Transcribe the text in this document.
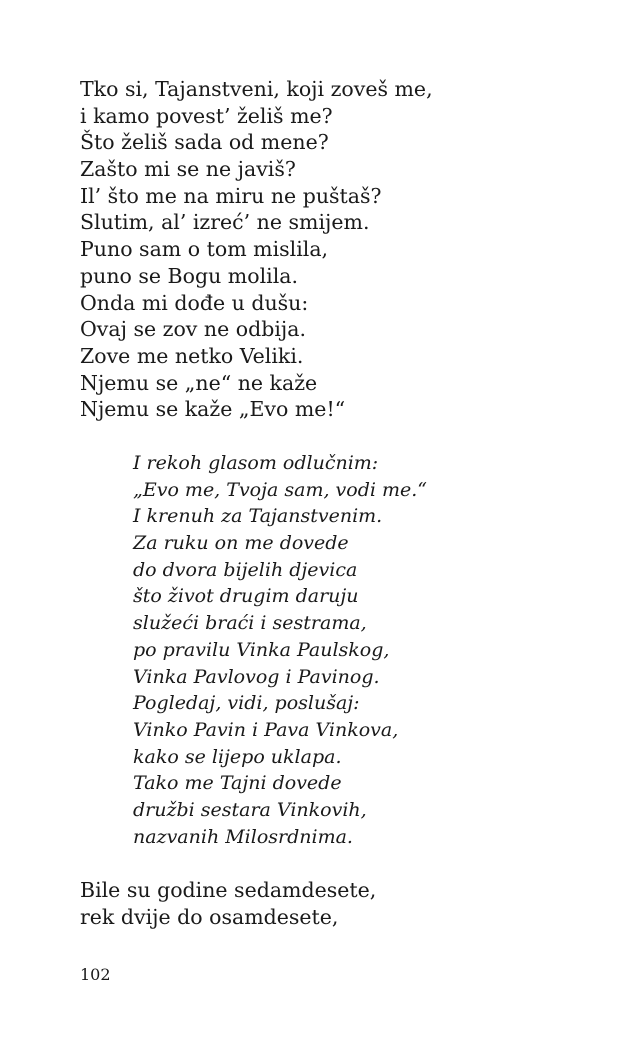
Tko si, Tajanstveni, koji zoveš me,
i kamo povest’ želiš me?
Što želiš sada od mene?
Zašto mi se ne javiš?
Il’ što me na miru ne puštaš?
Slutim, al’ izreć’ ne smijem.
Puno sam o tom mislila,
puno se Bogu molila.
Onda mi dođe u dušu:
Ovaj se zov ne odbija.
Zove me netko Veliki.
Njemu se „ne“ ne kaže
Njemu se kaže „Evo me!“
I rekoh glasom odlučnim:
„Evo me, Tvoja sam, vodi me.“
I krenuh za Tajanstvenim.
Za ruku on me dovede
do dvora bijelih djevica
što život drugim daruju
služeći braći i sestrama,
po pravilu Vinka Paulskog,
Vinka Pavlovog i Pavinog.
Pogledaj, vidi, poslušaj:
Vinko Pavin i Pava Vinkova,
kako se lijepo uklapa.
Tako me Tajni dovede
družbi sestara Vinkovih,
nazvanih Milosrdnima.
Bile su godine sedamdesete,
rek dvije do osamdesete,
102
